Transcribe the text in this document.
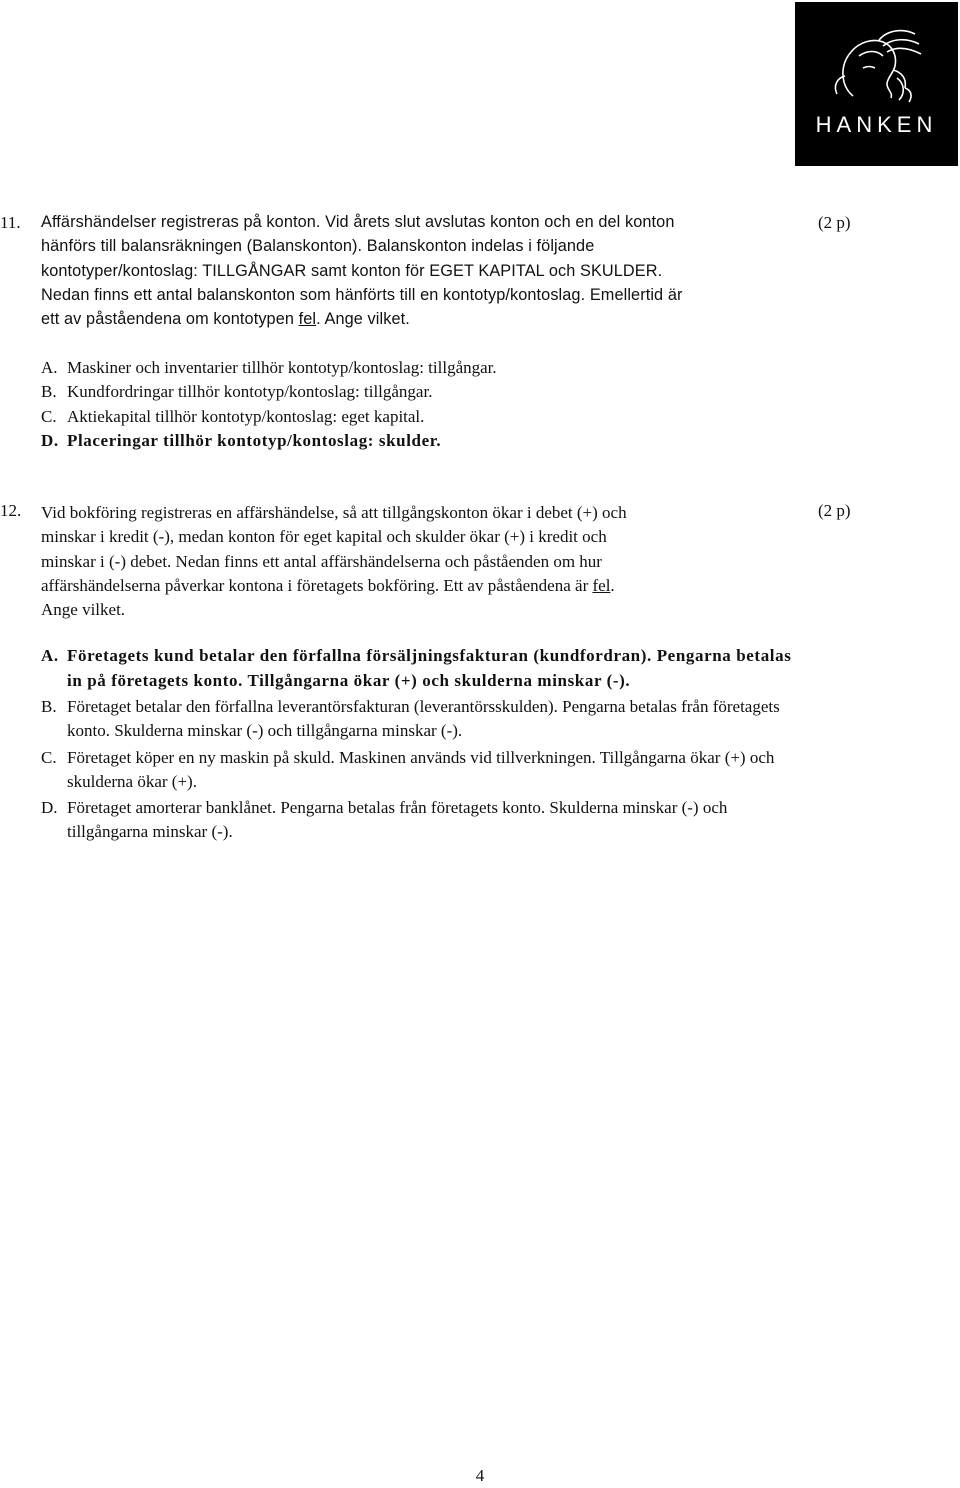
HANKEN
11.	(2 p)

Affärshändelser registreras på konton. Vid årets slut avslutas konton och en del konton

hänförs till balansräkningen (Balanskonton). Balanskonton indelas i följande

kontotyper/kontoslag: TILLGÅNGAR samt konton för EGET KAPITAL och SKULDER.

Nedan finns ett antal balanskonton som hänförts till en kontotyp/kontoslag. Emellertid är

ett av påståendena om kontotypen fel. Ange vilket.

A. Maskiner och inventarier tillhör kontotyp/kontoslag: tillgångar.

B. Kundfordringar tillhör kontotyp/kontoslag: tillgångar.

C. Aktiekapital tillhör kontotyp/kontoslag: eget kapital.

D. Placeringar tillhör kontotyp/kontoslag: skulder.

12.	(2 p)

Vid bokföring registreras en affärshändelse, så att tillgångskonton ökar i debet (+) och

minskar i kredit (-), medan konton för eget kapital och skulder ökar (+) i kredit och

minskar i (-) debet. Nedan finns ett antal affärshändelserna och påståenden om hur

affärshändelserna påverkar kontona i företagets bokföring. Ett av påståendena är fel.

Ange vilket.

A. Företagets kund betalar den förfallna försäljningsfakturan (kundfordran). Pengarna betalas in på företagets konto. Tillgångarna ökar (+) och skulderna minskar (-).

B. Företaget betalar den förfallna leverantörsfakturan (leverantörsskulden). Pengarna betalas från företagets konto. Skulderna minskar (-) och tillgångarna minskar (-).

C. Företaget köper en ny maskin på skuld. Maskinen används vid tillverkningen. Tillgångarna ökar (+) och skulderna ökar (+).

D. Företaget amorterar banklånet. Pengarna betalas från företagets konto. Skulderna minskar (-) och tillgångarna minskar (-).

4
